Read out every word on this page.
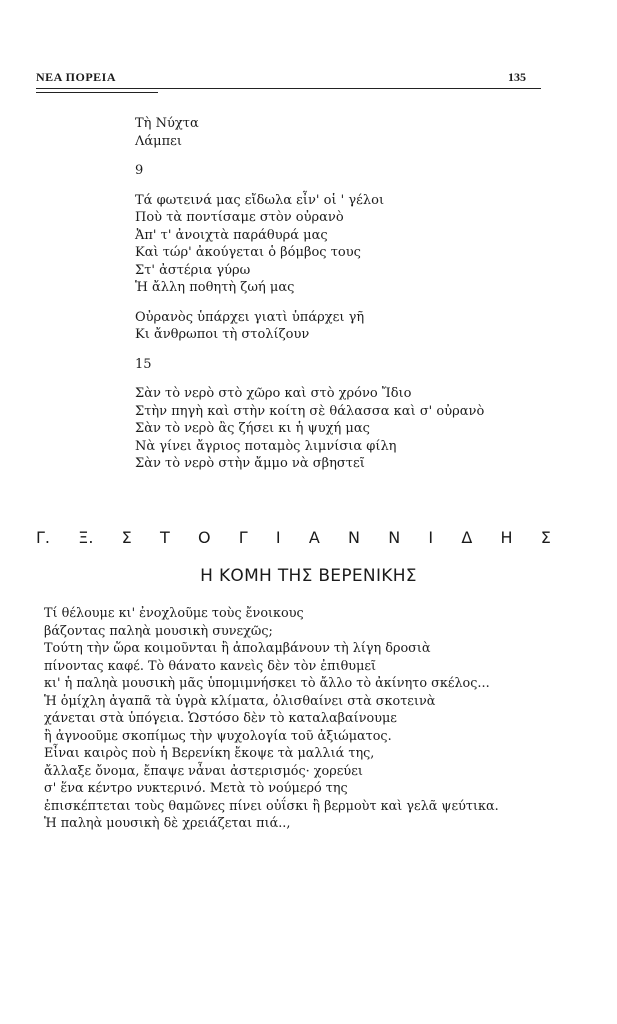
ΝΕΑ ΠΟΡΕΙΑ	135
Τὴ Νύχτα
Λάμπει
9
Τά φωτεινά μας εἴδωλα εἶν' οἱ ' γέλοι
Ποὺ τὰ ποντίσαμε στὸν οὐρανὸ
Ἀπ' τ' ἀνοιχτὰ παράθυρά μας
Καὶ τώρ' ἀκούγεται ὁ βόμβος τους
Στ' ἀστέρια γύρω
Ἡ ἄλλη ποθητὴ ζωή μας
Οὐρανὸς ὑπάρχει γιατὶ ὑπάρχει γῆ
Κι ἄνθρωποι τὴ στολίζουν
15
Σὰν τὸ νερὸ στὸ χῶρο καὶ στὸ χρόνο Ἴδιο
Στὴν πηγὴ καὶ στὴν κοίτη σὲ θάλασσα καὶ σ' οὐρανὸ
Σὰν τὸ νερὸ ἂς ζήσει κι ἡ ψυχή μας
Νὰ γίνει ἄγριος ποταμὸς λιμνίσια φίλη
Σὰν τὸ νερὸ στὴν ἄμμο νὰ σβηστεῖ
Γ. Ξ. Σ Τ Ο Γ Ι Α Ν Ν Ι Δ Η Σ
Η ΚΟΜΗ ΤΗΣ ΒΕΡΕΝΙΚΗΣ
Τί θέλουμε κι' ἐνοχλοῦμε τοὺς ἔνοικους
βάζοντας παληὰ μουσικὴ συνεχῶς;
Τούτη τὴν ὥρα κοιμοῦνται ἢ ἀπολαμβάνουν τὴ λίγη δροσιὰ
πίνοντας καφέ. Τὸ θάνατο κανεὶς δὲν τὸν ἐπιθυμεῖ
κι' ἡ παληὰ μουσικὴ μᾶς ὑπομιμνήσκει τὸ ἄλλο τὸ ἀκίνητο σκέλος...
Ἡ ὁμίχλη ἀγαπᾶ τὰ ὑγρὰ κλίματα, ὀλισθαίνει στὰ σκοτεινὰ
χάνεται στὰ ὑπόγεια. Ὡστόσο δὲν τὸ καταλαβαίνουμε
ἢ ἀγνοοῦμε σκοπίμως τὴν ψυχολογία τοῦ ἀξιώματος.
Εἶναι καιρὸς ποὺ ἡ Βερενίκη ἔκοψε τὰ μαλλιά της,
ἄλλαξε ὄνομα, ἔπαψε νἆναι ἀστερισμός· χορεύει
σ' ἕνα κέντρο νυκτερινό. Μετὰ τὸ νούμερό της
ἐπισκέπτεται τοὺς θαμῶνες πίνει οὐΐσκι ἢ βερμοὺτ καὶ γελᾶ ψεύτικα.
Ἡ παληὰ μουσικὴ δὲ χρειάζεται πιά..,
